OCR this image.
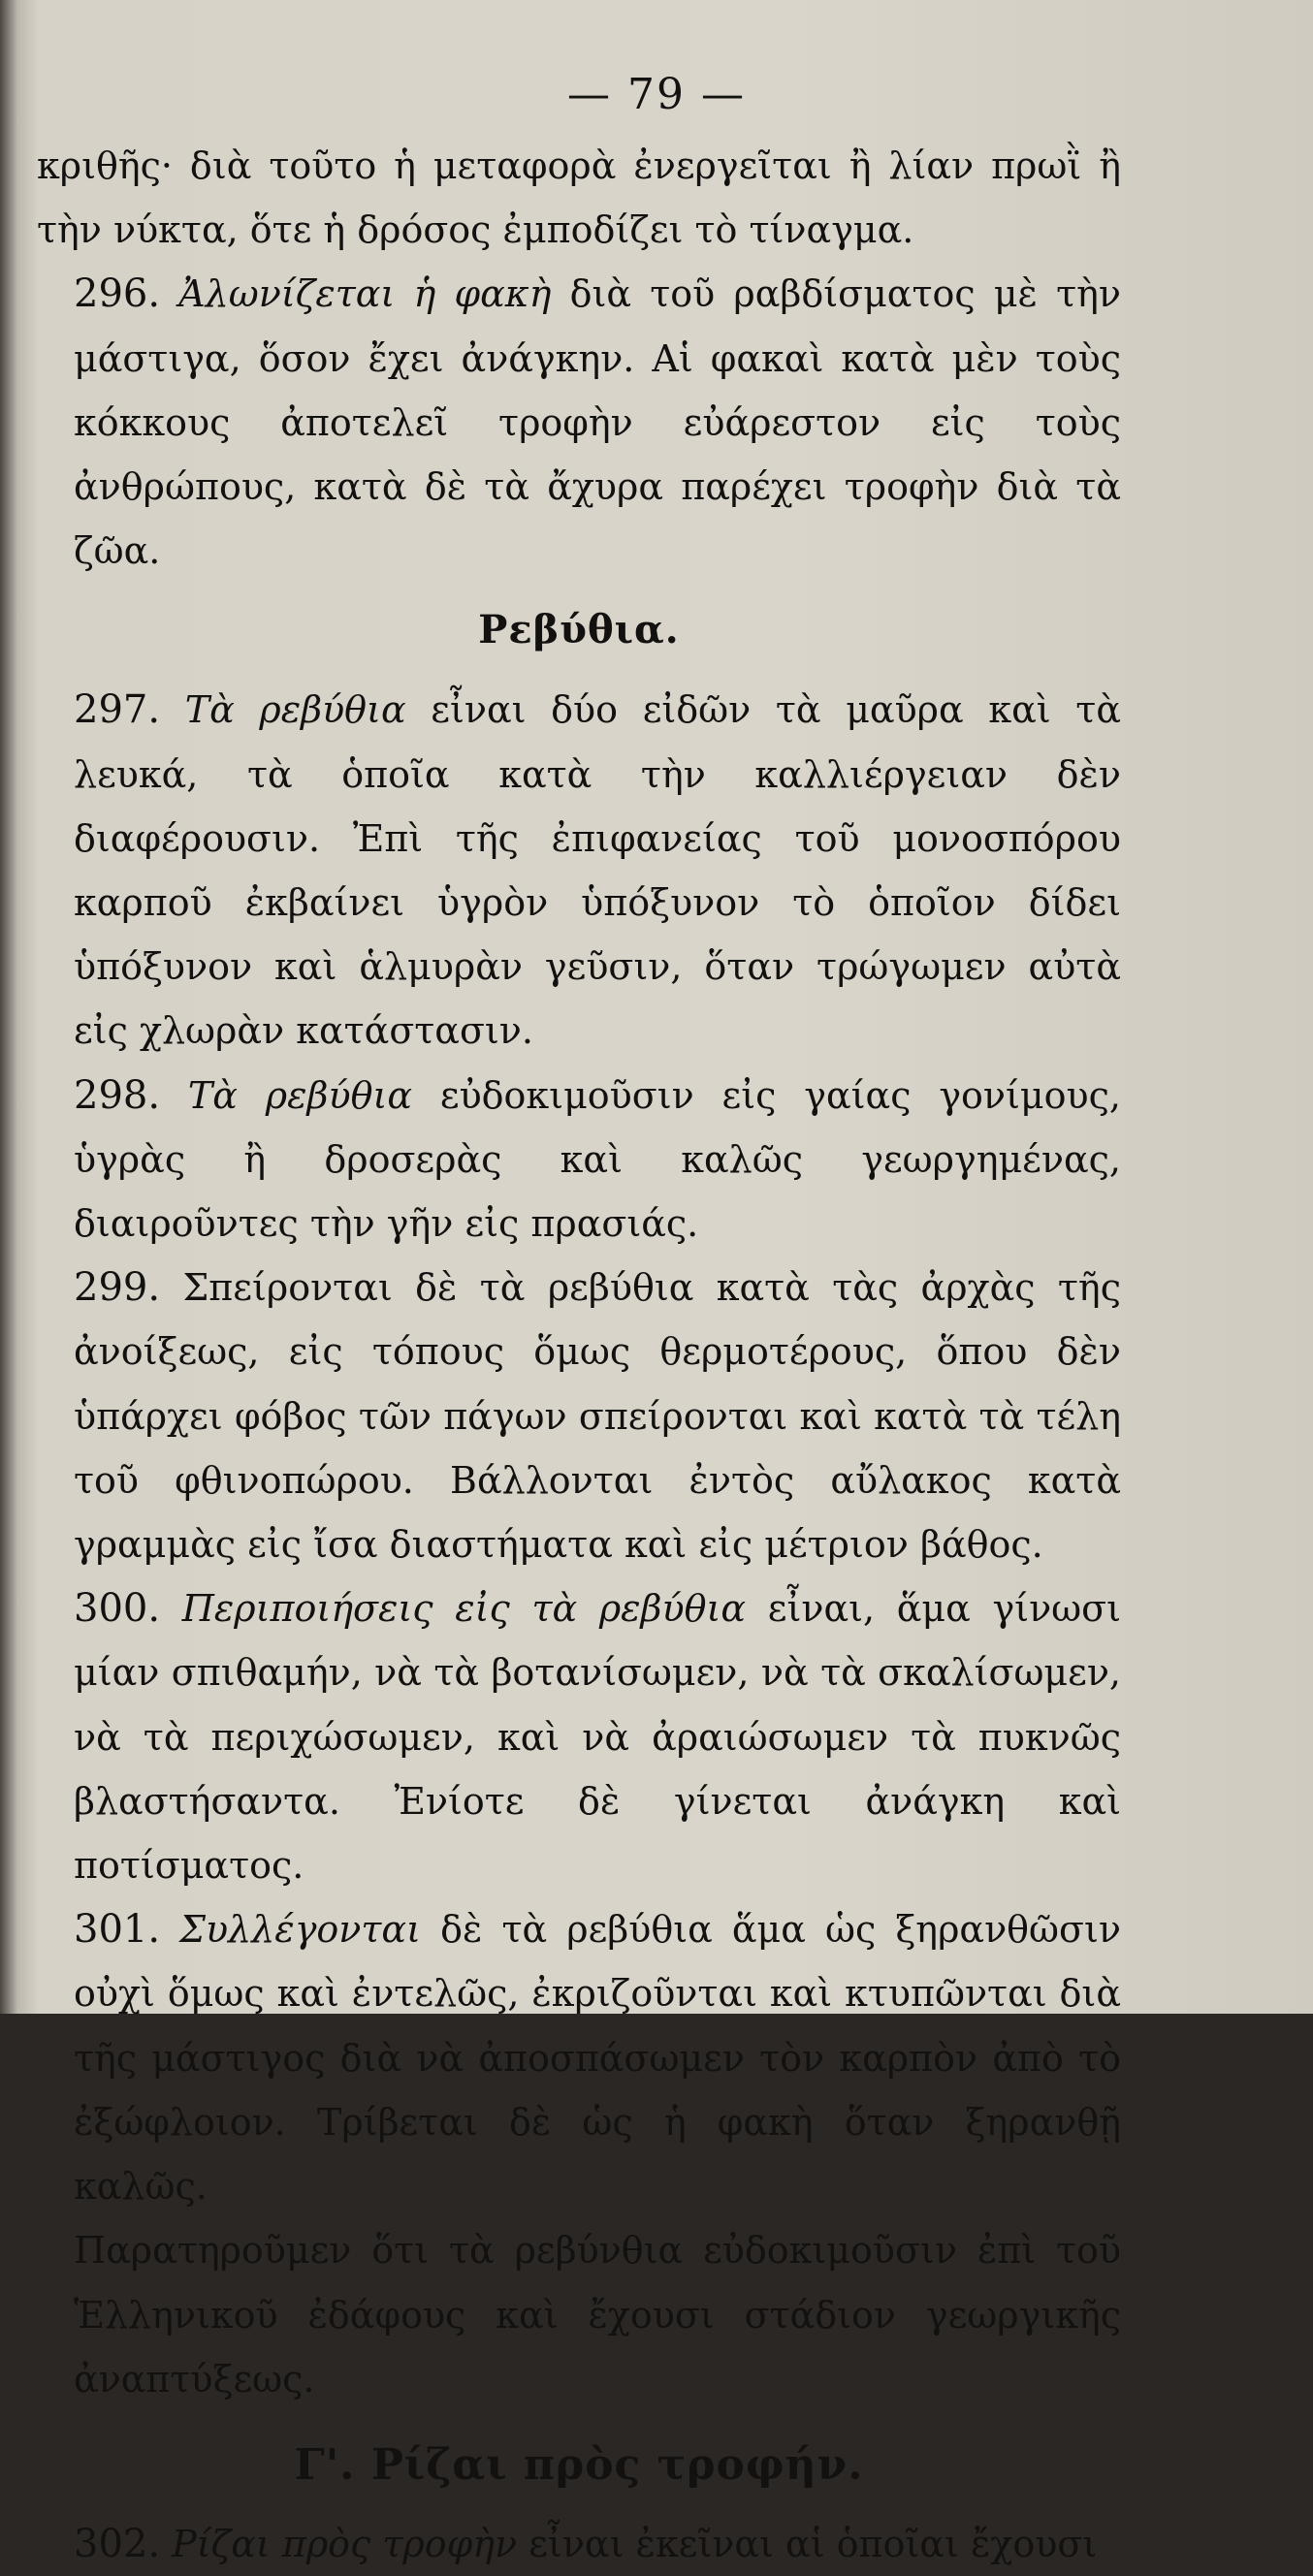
— 79 —

κριθῆς· διὰ τοῦτο ἡ μεταφορὰ ἐνεργεῖται ἢ λίαν πρωῒ ἢ τὴν νύκτα, ὅτε ἡ δρόσος ἐμποδίζει τὸ τίναγμα.

296. Ἀλωνίζεται ἡ φακὴ διὰ τοῦ ραβδίσματος μὲ τὴν μάστιγα, ὅσον ἔχει ἀνάγκην. Αἱ φακαὶ κατὰ μὲν τοὺς κόκκους ἀποτελεῖ τροφὴν εὐάρεστον εἰς τοὺς ἀνθρώπους, κατὰ δὲ τὰ ἄχυρα παρέχει τροφὴν διὰ τὰ ζῶα.

Ρεβύθια.

297. Τὰ ρεβύθια εἶναι δύο εἰδῶν τὰ μαῦρα καὶ τὰ λευκά, τὰ ὁποῖα κατὰ τὴν καλλιέργειαν δὲν διαφέρουσιν. Ἐπὶ τῆς ἐπιφανείας τοῦ μονοσπόρου καρποῦ ἐκβαίνει ὑγρὸν ὑπόξυνον τὸ ὁποῖον δίδει ὑπόξυνον καὶ ἁλμυρὰν γεῦσιν, ὅταν τρώγωμεν αὐτὰ εἰς χλωρὰν κατάστασιν.

298. Τὰ ρεβύθια εὐδοκιμοῦσιν εἰς γαίας γονίμους, ὑγρὰς ἢ δροσερὰς καὶ καλῶς γεωργημένας, διαιροῦντες τὴν γῆν εἰς πρασιάς.

299. Σπείρονται δὲ τὰ ρεβύθια κατὰ τὰς ἀρχὰς τῆς ἀνοίξεως, εἰς τόπους ὅμως θερμοτέρους, ὅπου δὲν ὑπάρχει φόβος τῶν πάγων σπείρονται καὶ κατὰ τὰ τέλη τοῦ φθινοπώρου. Βάλλονται ἐντὸς αὔλακος κατὰ γραμμὰς εἰς ἴσα διαστήματα καὶ εἰς μέτριον βάθος.

300. Περιποιήσεις εἰς τὰ ρεβύθια εἶναι, ἅμα γίνωσι μίαν σπιθαμήν, νὰ τὰ βοτανίσωμεν, νὰ τὰ σκαλίσωμεν, νὰ τὰ περιχώσωμεν, καὶ νὰ ἀραιώσωμεν τὰ πυκνῶς βλαστήσαντα. Ἐνίοτε δὲ γίνεται ἀνάγκη καὶ ποτίσματος.

301. Συλλέγονται δὲ τὰ ρεβύθια ἅμα ὡς ξηρανθῶσιν οὐχὶ ὅμως καὶ ἐντελῶς, ἐκριζοῦνται καὶ κτυπῶνται διὰ τῆς μάστιγος διὰ νὰ ἀποσπάσωμεν τὸν καρπὸν ἀπὸ τὸ ἐξώφλοιον. Τρίβεται δὲ ὡς ἡ φακὴ ὅταν ξηρανθῇ καλῶς.

Παρατηροῦμεν ὅτι τὰ ρεβύνθια εὐδοκιμοῦσιν ἐπὶ τοῦ Ἑλληνικοῦ ἐδάφους καὶ ἔχουσι στάδιον γεωργικῆς ἀναπτύξεως.

Γ'. Ρίζαι πρὸς τροφήν.

302. Ρίζαι πρὸς τροφὴν εἶναι ἐκεῖναι αἱ ὁποῖαι ἔχουσι
